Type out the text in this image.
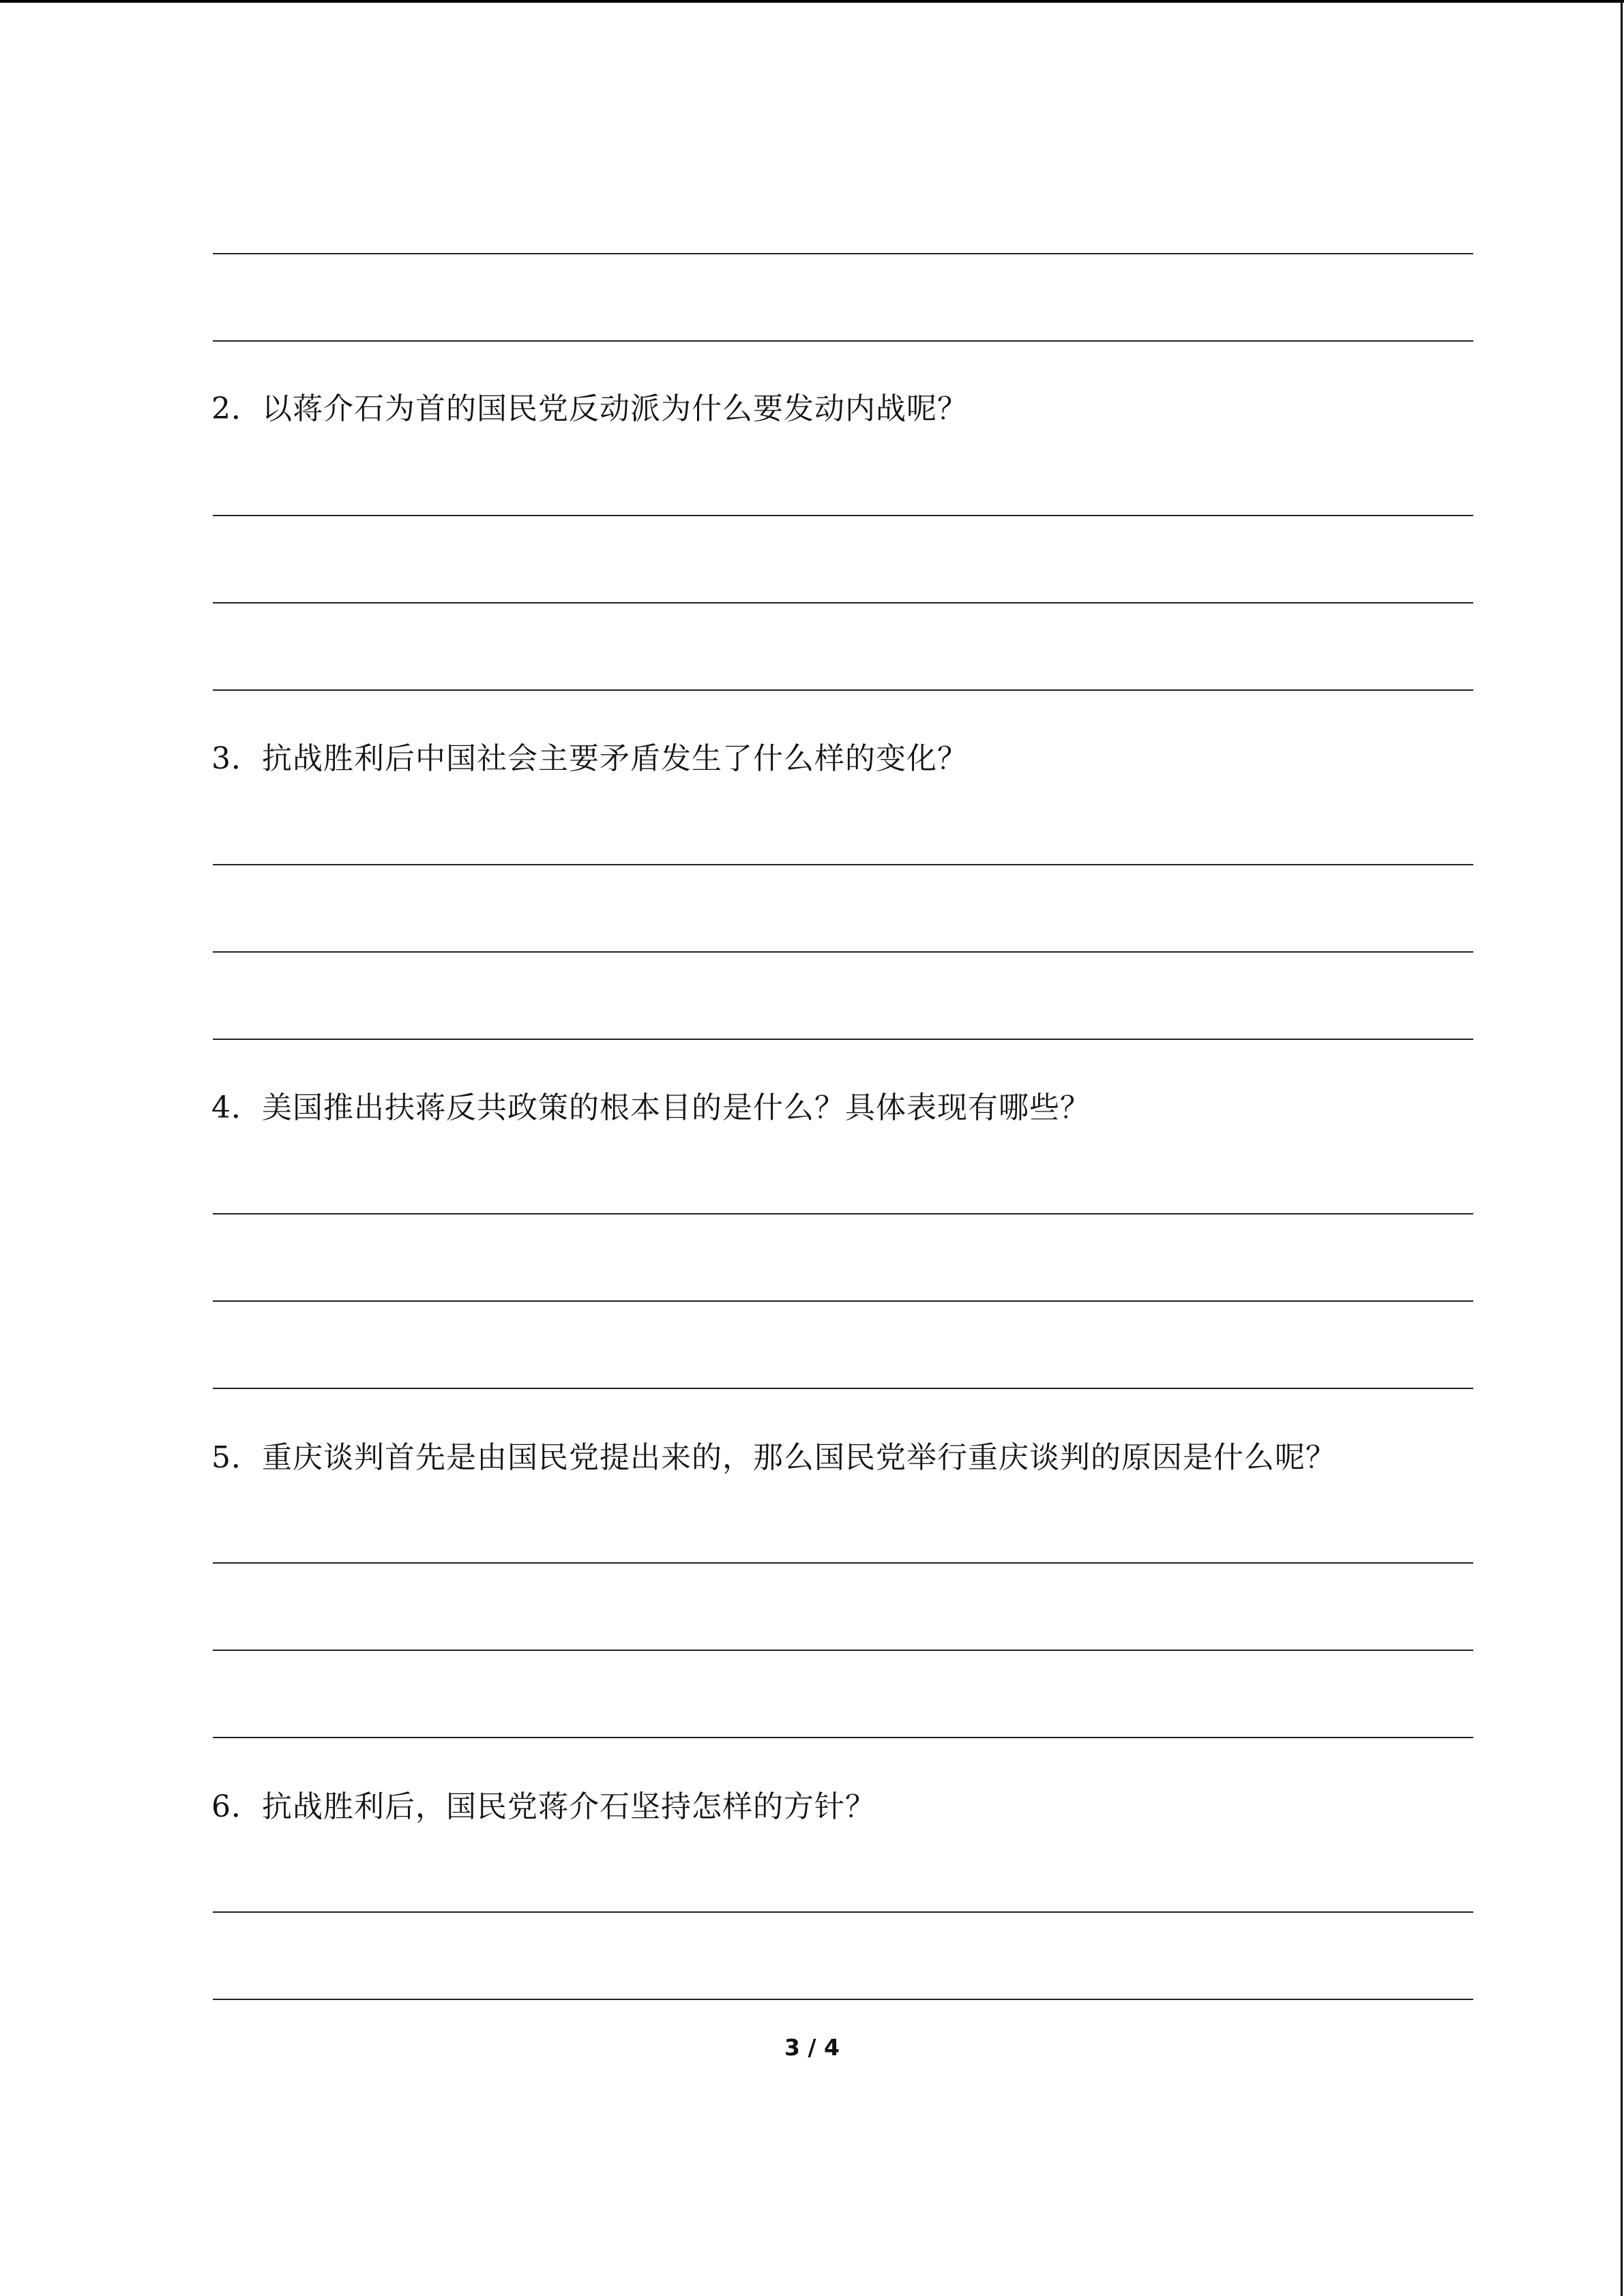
2．以蒋介石为首的国民党反动派为什么要发动内战呢？
3．抗战胜利后中国社会主要矛盾发生了什么样的变化？
4．美国推出扶蒋反共政策的根本目的是什么？具体表现有哪些？
5．重庆谈判首先是由国民党提出来的，那么国民党举行重庆谈判的原因是什么呢？
6．抗战胜利后，国民党蒋介石坚持怎样的方针？
3 / 4
